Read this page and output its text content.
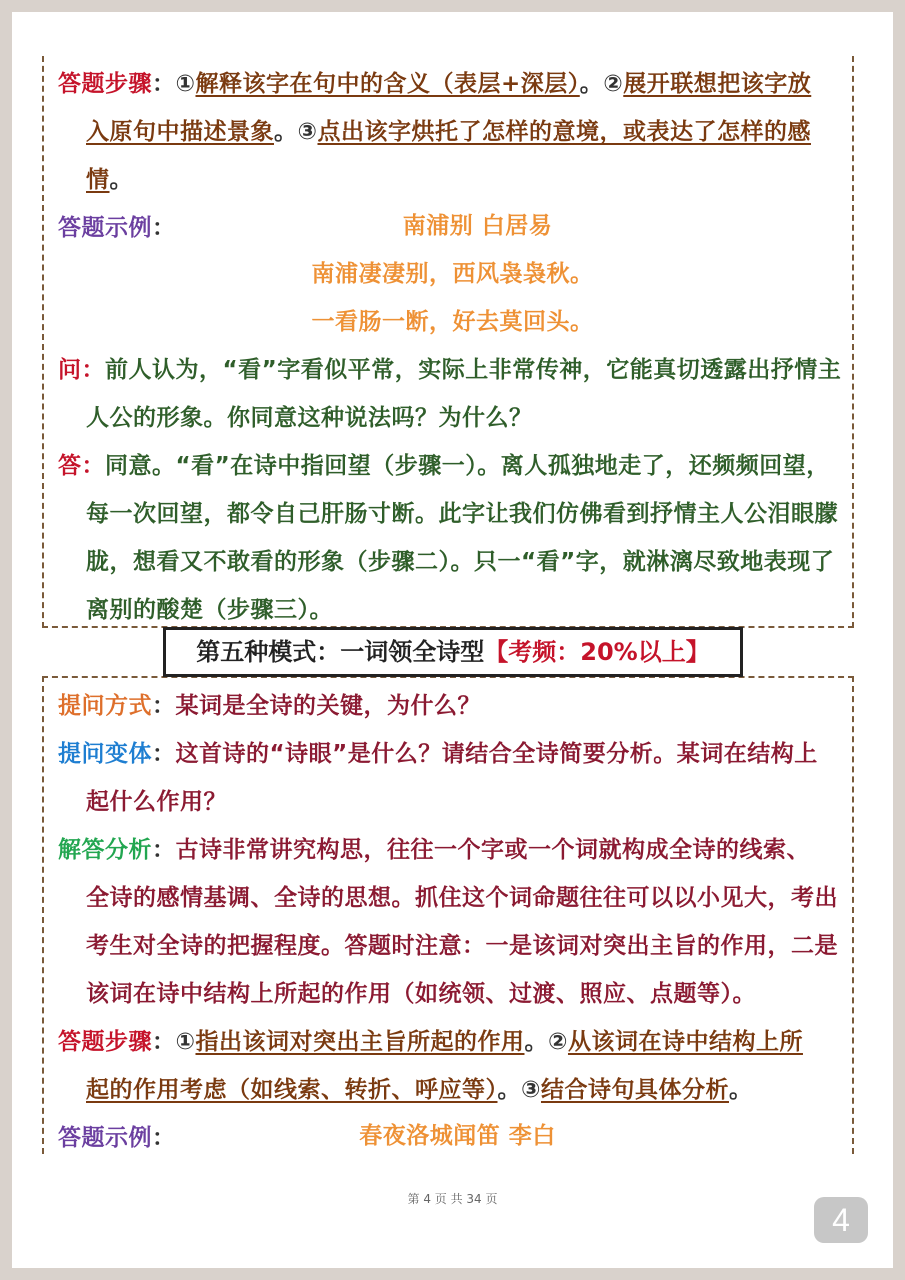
答题步骤：①解释该字在句中的含义（表层+深层）。②展开联想把该字放
入原句中描述景象。③点出该字烘托了怎样的意境，或表达了怎样的感
情。
答题示例：	南浦别 白居易
南浦凄凄别，西风袅袅秋。
一看肠一断，好去莫回头。
问：前人认为，“看”字看似平常，实际上非常传神，它能真切透露出抒情主
人公的形象。你同意这种说法吗？为什么？
答：同意。“看”在诗中指回望（步骤一）。离人孤独地走了，还频频回望，
每一次回望，都令自己肝肠寸断。此字让我们仿佛看到抒情主人公泪眼朦
胧，想看又不敢看的形象（步骤二）。只一“看”字，就淋漓尽致地表现了
离别的酸楚（步骤三）。
第五种模式：一词领全诗型【考频：20%以上】
提问方式：某词是全诗的关键，为什么？
提问变体：这首诗的“诗眼”是什么？请结合全诗简要分析。某词在结构上
起什么作用？
解答分析：古诗非常讲究构思，往往一个字或一个词就构成全诗的线索、
全诗的感情基调、全诗的思想。抓住这个词命题往往可以以小见大，考出
考生对全诗的把握程度。答题时注意：一是该词对突出主旨的作用，二是
该词在诗中结构上所起的作用（如统领、过渡、照应、点题等）。
答题步骤：①指出该词对突出主旨所起的作用。②从该词在诗中结构上所
起的作用考虑（如线索、转折、呼应等）。③结合诗句具体分析。
答题示例：	春夜洛城闻笛 李白
第 4 页 共 34 页
4
